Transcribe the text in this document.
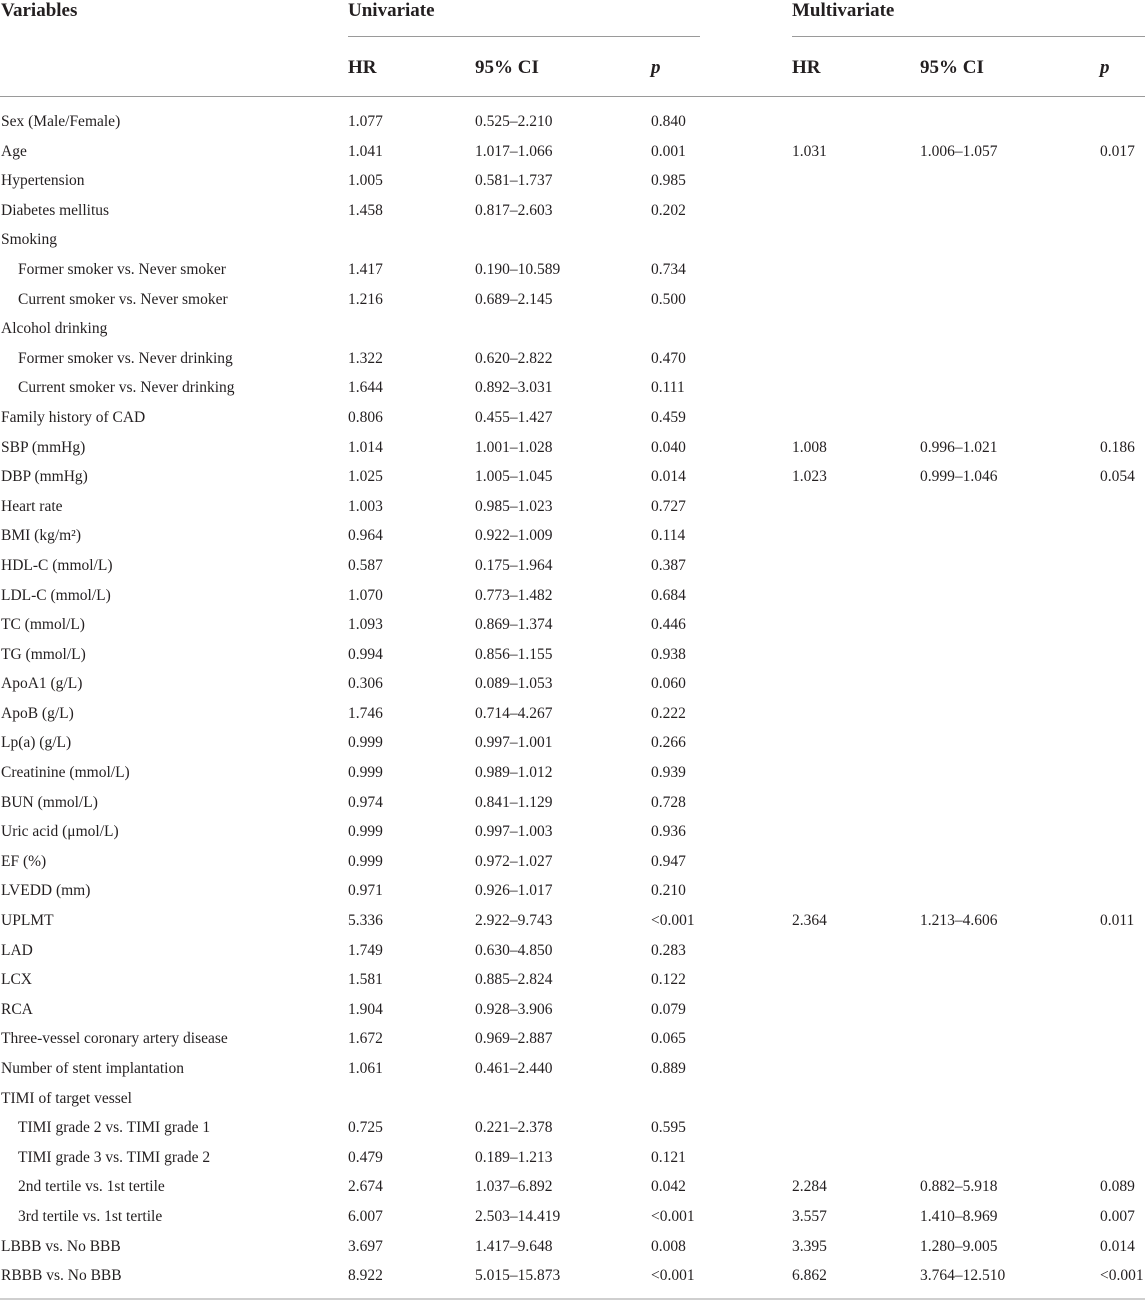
Variables	Univariate	Multivariate
HR	95% CI	p	HR	95% CI	p
Sex (Male/Female)	1.077	0.525–2.210	0.840
Age	1.041	1.017–1.066	0.001	1.031	1.006–1.057	0.017
Hypertension	1.005	0.581–1.737	0.985
Diabetes mellitus	1.458	0.817–2.603	0.202
Smoking
Former smoker vs. Never smoker	1.417	0.190–10.589	0.734
Current smoker vs. Never smoker	1.216	0.689–2.145	0.500
Alcohol drinking
Former smoker vs. Never drinking	1.322	0.620–2.822	0.470
Current smoker vs. Never drinking	1.644	0.892–3.031	0.111
Family history of CAD	0.806	0.455–1.427	0.459
SBP (mmHg)	1.014	1.001–1.028	0.040	1.008	0.996–1.021	0.186
DBP (mmHg)	1.025	1.005–1.045	0.014	1.023	0.999–1.046	0.054
Heart rate	1.003	0.985–1.023	0.727
BMI (kg/m²)	0.964	0.922–1.009	0.114
HDL-C (mmol/L)	0.587	0.175–1.964	0.387
LDL-C (mmol/L)	1.070	0.773–1.482	0.684
TC (mmol/L)	1.093	0.869–1.374	0.446
TG (mmol/L)	0.994	0.856–1.155	0.938
ApoA1 (g/L)	0.306	0.089–1.053	0.060
ApoB (g/L)	1.746	0.714–4.267	0.222
Lp(a) (g/L)	0.999	0.997–1.001	0.266
Creatinine (mmol/L)	0.999	0.989–1.012	0.939
BUN (mmol/L)	0.974	0.841–1.129	0.728
Uric acid (μmol/L)	0.999	0.997–1.003	0.936
EF (%)	0.999	0.972–1.027	0.947
LVEDD (mm)	0.971	0.926–1.017	0.210
UPLMT	5.336	2.922–9.743	<0.001	2.364	1.213–4.606	0.011
LAD	1.749	0.630–4.850	0.283
LCX	1.581	0.885–2.824	0.122
RCA	1.904	0.928–3.906	0.079
Three-vessel coronary artery disease	1.672	0.969–2.887	0.065
Number of stent implantation	1.061	0.461–2.440	0.889
TIMI of target vessel
TIMI grade 2 vs. TIMI grade 1	0.725	0.221–2.378	0.595
TIMI grade 3 vs. TIMI grade 2	0.479	0.189–1.213	0.121
2nd tertile vs. 1st tertile	2.674	1.037–6.892	0.042	2.284	0.882–5.918	0.089
3rd tertile vs. 1st tertile	6.007	2.503–14.419	<0.001	3.557	1.410–8.969	0.007
LBBB vs. No BBB	3.697	1.417–9.648	0.008	3.395	1.280–9.005	0.014
RBBB vs. No BBB	8.922	5.015–15.873	<0.001	6.862	3.764–12.510	<0.001
